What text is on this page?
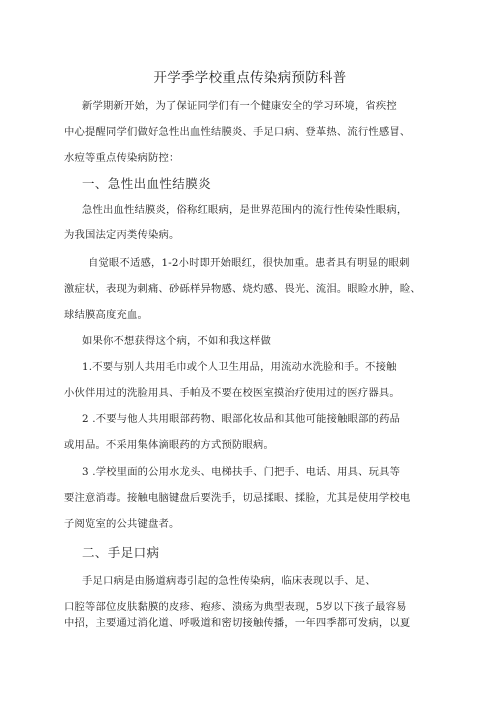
开学季学校重点传染病预防科普
新学期新开始，为了保证同学们有一个健康安全的学习环境，省疾控
中心提醒同学们做好急性出血性结膜炎、手足口病、登革热、流行性感冒、
水痘等重点传染病防控：
一、急性出血性结膜炎
急性出血性结膜炎，俗称红眼病，是世界范围内的流行性传染性眼病，
为我国法定丙类传染病。
自觉眼不适感，1-2小时即开始眼红，很快加重。患者具有明显的眼刺
激症状，表现为刺痛、砂砾样异物感、烧灼感、畏光、流泪。眼睑水肿，睑、
球结膜高度充血。
如果你不想获得这个病，不如和我这样做
1.不要与别人共用毛巾或个人卫生用品，用流动水洗脸和手。不接触
小伙伴用过的洗脸用具、手帕及不要在校医室摸治疗使用过的医疗器具。
2 .不要与他人共用眼部药物、眼部化妆品和其他可能接触眼部的药品
或用品。不采用集体滴眼药的方式预防眼病。
3 .学校里面的公用水龙头、电梯扶手、门把手、电话、用具、玩具等
要注意消毒。接触电脑键盘后要洗手，切忌揉眼、揉脸，尤其是使用学校电
子阅览室的公共键盘者。
二、手足口病
手足口病是由肠道病毒引起的急性传染病，临床表现以手、足、
口腔等部位皮肤黏膜的皮疹、疱疹、溃疡为典型表现，5岁以下孩子最容易
中招，主要通过消化道、呼吸道和密切接触传播，一年四季都可发病，以夏
